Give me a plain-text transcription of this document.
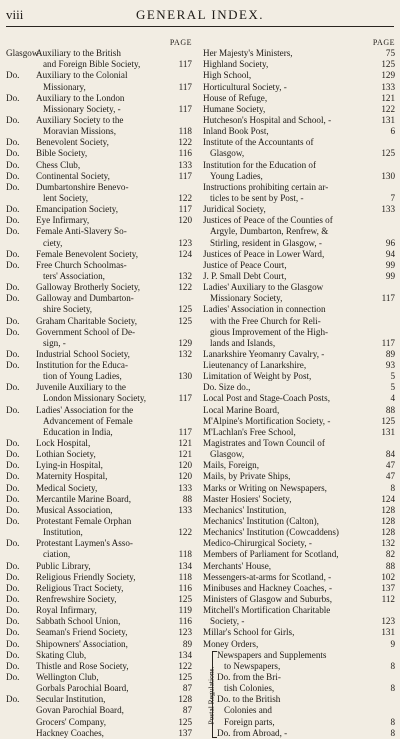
viii	GENERAL INDEX.
PAGE
Glasgow
Auxiliary to the British
and Foreign Bible Society,	117
Do.	Auxiliary to the Colonial
Missionary,	117
Do.	Auxiliary to the London
Missionary Society, -	117
Do.	Auxiliary Society to the
Moravian Missions,	118
Do.	Benevolent Society,	122
Do.	Bible Society,	116
Do.	Chess Club,	133
Do.	Continental Society,	117
Do.	Dumbartonshire Benevo-
lent Society,	122
Do.	Emancipation Society,	117
Do.	Eye Infirmary,	120
Do.	Female Anti-Slavery So-
ciety,	123
Do.	Female Benevolent Society,	124
Do.	Free Church Schoolmas-
ters' Association,	132
Do.	Galloway Brotherly Society,	122
Do.	Galloway and Dumbarton-
shire Society,	125
Do.	Graham Charitable Society,	125
Do.	Government School of De-
sign, -	129
Do.	Industrial School Society,	132
Do.	Institution for the Educa-
tion of Young Ladies,	130
Do.	Juvenile Auxiliary to the
London Missionary Society,	117
Do.	Ladies' Association for the
Advancement of Female
Education in India,	117
Do.	Lock Hospital,	121
Do.	Lothian Society,	121
Do.	Lying-in Hospital,	120
Do.	Maternity Hospital,	120
Do.	Medical Society,	133
Do.	Mercantile Marine Board,	88
Do.	Musical Association,	133
Do.	Protestant Female Orphan
Institution,	122
Do.	Protestant Laymen's Asso-
ciation,	118
Do.	Public Library,	134
Do.	Religious Friendly Society,	118
Do.	Religious Tract Society,	116
Do.	Renfrewshire Society,	125
Do.	Royal Infirmary,	119
Do.	Sabbath School Union,	116
Do.	Seaman's Friend Society,	123
Do.	Shipowners' Association,	89
Do.	Skating Club,	134
Do.	Thistle and Rose Society,	122
Do.	Wellington Club,	125
Gorbals Parochial Board,	87
Do.	Secular Institution,	128
Govan Parochial Board,	87
Grocers' Company,	125
Hackney Coaches,	137
PAGE
Her Majesty's Ministers,	75
Highland Society,	125
High School,	129
Horticultural Society, -	133
House of Refuge,	121
Humane Society,	122
Hutcheson's Hospital and School, -	131
Inland Book Post,	6
Institute of the Accountants of
Glasgow,	125
Institution for the Education of
Young Ladies,	130
Instructions prohibiting certain ar-
ticles to be sent by Post, -	7
Juridical Society,	133
Justices of Peace of the Counties of
Argyle, Dumbarton, Renfrew, &
Stirling, resident in Glasgow, -	96
Justices of Peace in Lower Ward,	94
Justice of Peace Court,	99
J. P. Small Debt Court,	99
Ladies' Auxiliary to the Glasgow
Missionary Society,	117
Ladies' Association in connection
with the Free Church for Reli-
gious Improvement of the High-
lands and Islands,	117
Lanarkshire Yeomanry Cavalry, -	89
Lieutenancy of Lanarkshire,	93
Limitation of Weight by Post,	5
Do. Size do.,	5
Local Post and Stage-Coach Posts,	4
Local Marine Board,	88
M'Alpine's Mortification Society, -	125
M'Lachlan's Free School,	131
Magistrates and Town Council of
Glasgow,	84
Mails, Foreign,	47
Mails, by Private Ships,	47
Marks or Writing on Newspapers,	8
Master Hosiers' Society,	124
Mechanics' Institution,	128
Mechanics' Institution (Calton),	128
Mechanics' Institution (Cowcaddens)	128
Medico-Chirurgical Society, -	132
Members of Parliament for Scotland,	82
Merchants' House,	88
Messengers-at-arms for Scotland, -	102
Minibuses and Hackney Coaches, -	137
Ministers of Glasgow and Suburbs,	112
Mitchell's Mortification Charitable
Society, -	123
Millar's School for Girls,	131
Money Orders,	9
Postal Regulations.
Newspapers and Supplements
to Newspapers,	8
Do. from the Bri-
tish Colonies,	8
Do. to the British
Colonies and
Foreign parts,	8
Do. from Abroad, -	8
